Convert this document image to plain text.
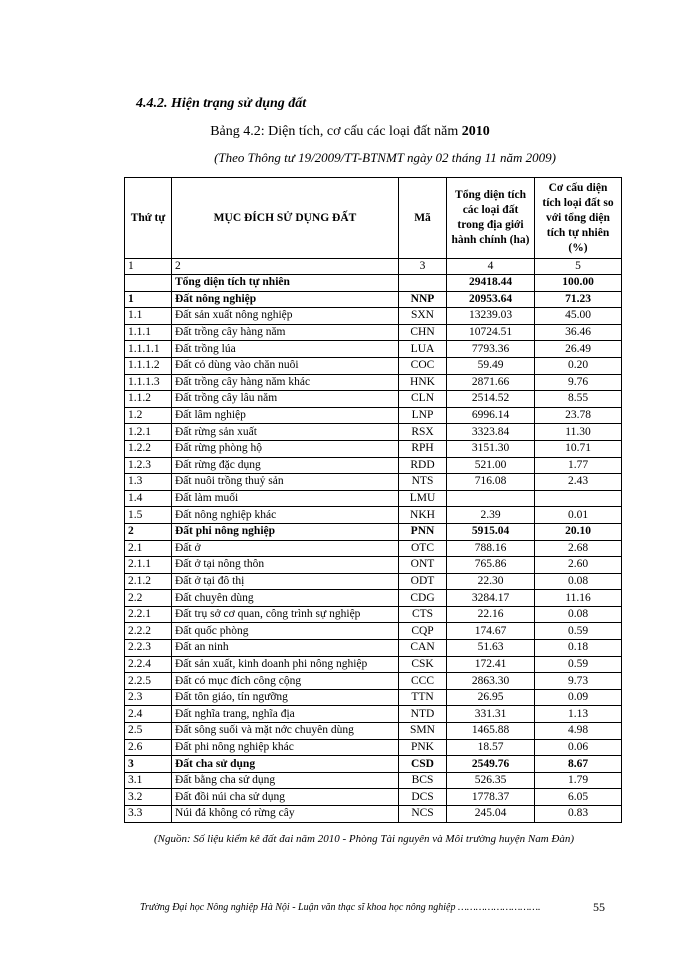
4.4.2. Hiện trạng sử dụng đất
Bảng 4.2: Diện tích, cơ cấu các loại đất năm 2010
(Theo Thông tư 19/2009/TT-BTNMT ngày 02 tháng 11 năm 2009)
Thứ tự	MỤC ĐÍCH SỬ DỤNG ĐẤT	Mã	Tổng diện tích các loại đất trong địa giới hành chính (ha)	Cơ cấu diện tích loại đất so với tổng diện tích tự nhiên (%)
1	2	3	4	5
	Tổng diện tích tự nhiên		29418.44	100.00
1	Đất nông nghiệp	NNP	20953.64	71.23
1.1	Đất sản xuất nông nghiệp	SXN	13239.03	45.00
1.1.1	Đất trồng cây hàng năm	CHN	10724.51	36.46
1.1.1.1	Đất trồng lúa	LUA	7793.36	26.49
1.1.1.2	Đất cỏ dùng vào chăn nuôi	COC	59.49	0.20
1.1.1.3	Đất trồng cây hàng năm khác	HNK	2871.66	9.76
1.1.2	Đất trồng cây lâu năm	CLN	2514.52	8.55
1.2	Đất lâm nghiệp	LNP	6996.14	23.78
1.2.1	Đất rừng sản xuất	RSX	3323.84	11.30
1.2.2	Đất rừng phòng hộ	RPH	3151.30	10.71
1.2.3	Đất rừng đặc dụng	RDD	521.00	1.77
1.3	Đất nuôi trồng thuỷ sản	NTS	716.08	2.43
1.4	Đất làm muối	LMU		
1.5	Đất nông nghiệp khác	NKH	2.39	0.01
2	Đất phi nông nghiệp	PNN	5915.04	20.10
2.1	Đất ở	OTC	788.16	2.68
2.1.1	Đất ở tại nông thôn	ONT	765.86	2.60
2.1.2	Đất ở tại đô thị	ODT	22.30	0.08
2.2	Đất chuyên dùng	CDG	3284.17	11.16
2.2.1	Đất trụ sở cơ quan, công trình sự nghiệp	CTS	22.16	0.08
2.2.2	Đất quốc phòng	CQP	174.67	0.59
2.2.3	Đất an ninh	CAN	51.63	0.18
2.2.4	Đất sản xuất, kinh doanh phi nông nghiệp	CSK	172.41	0.59
2.2.5	Đất có mục đích công cộng	CCC	2863.30	9.73
2.3	Đất tôn giáo, tín ngưỡng	TTN	26.95	0.09
2.4	Đất nghĩa trang, nghĩa địa	NTD	331.31	1.13
2.5	Đất sông suối và mặt nớc chuyên dùng	SMN	1465.88	4.98
2.6	Đất phi nông nghiệp khác	PNK	18.57	0.06
3	Đất cha sử dụng	CSD	2549.76	8.67
3.1	Đất bằng cha sử dụng	BCS	526.35	1.79
3.2	Đất đồi núi cha sử dụng	DCS	1778.37	6.05
3.3	Núi đá không có rừng cây	NCS	245.04	0.83
(Nguồn: Số liệu kiểm kê đất đai năm 2010 - Phòng Tài nguyên và Môi trường huyện Nam Đàn)
Trường Đại học Nông nghiệp Hà Nội - Luận văn thạc sĩ khoa học nông nghiệp ……………………….	55
